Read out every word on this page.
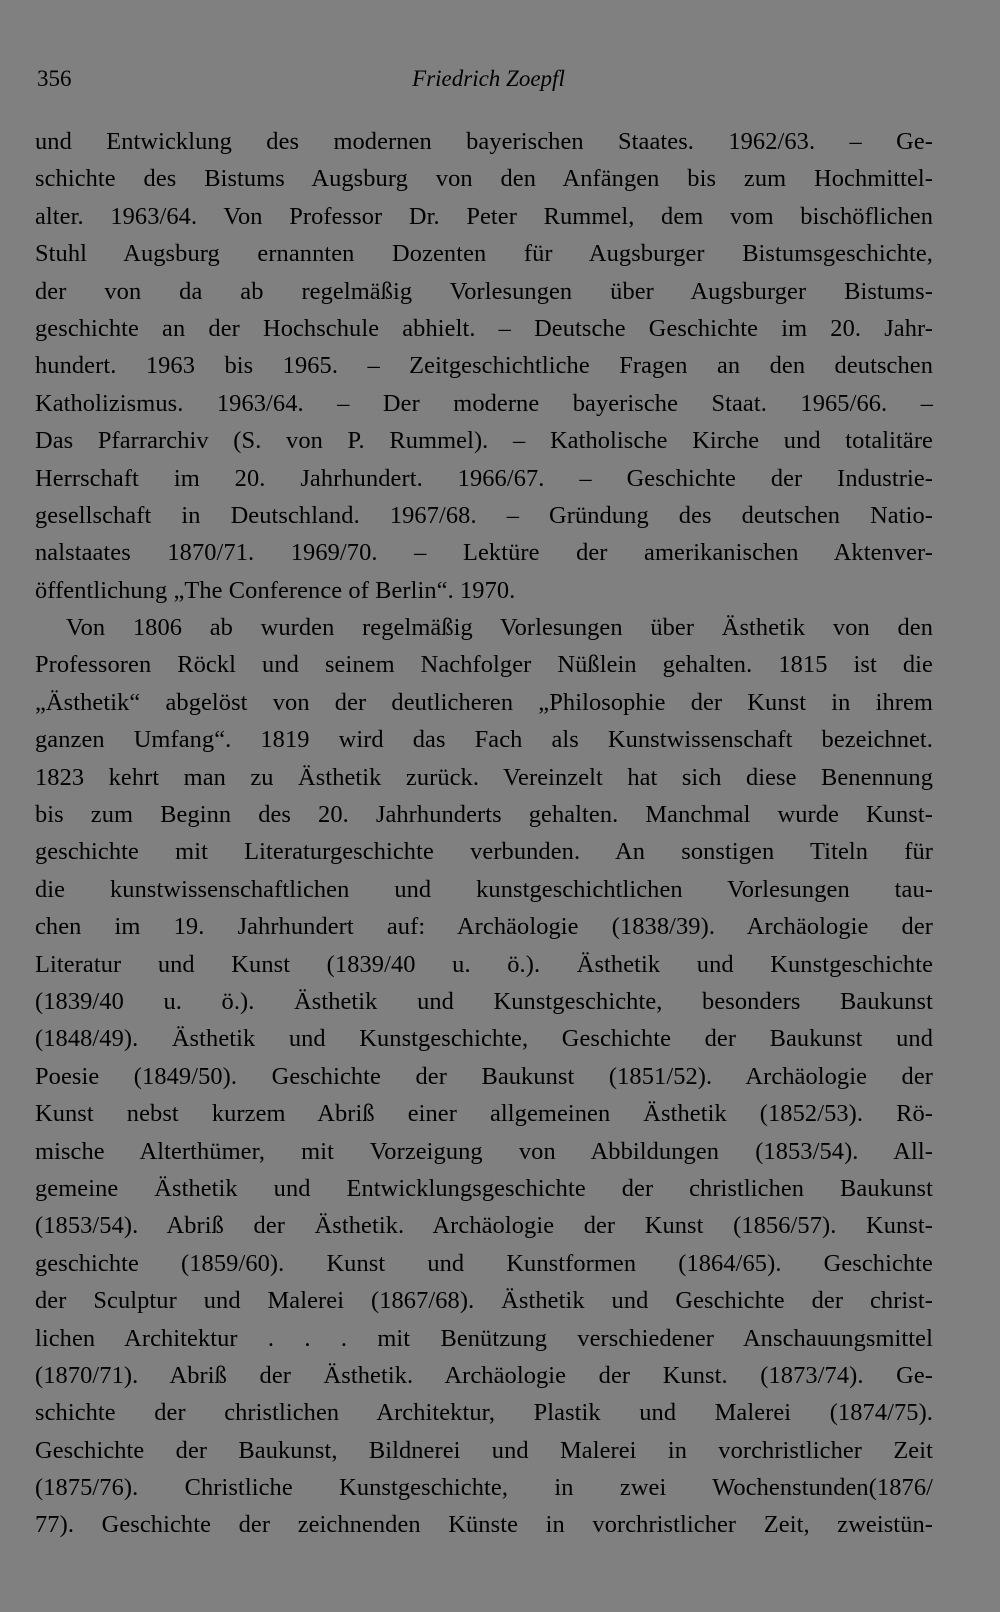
356	Friedrich Zoepfl
und Entwicklung des modernen bayerischen Staates. 1962/63. – Ge-
schichte des Bistums Augsburg von den Anfängen bis zum Hochmittel-
alter. 1963/64. Von Professor Dr. Peter Rummel, dem vom bischöflichen
Stuhl Augsburg ernannten Dozenten für Augsburger Bistumsgeschichte,
der von da ab regelmäßig Vorlesungen über Augsburger Bistums-
geschichte an der Hochschule abhielt. – Deutsche Geschichte im 20. Jahr-
hundert. 1963 bis 1965. – Zeitgeschichtliche Fragen an den deutschen
Katholizismus. 1963/64. – Der moderne bayerische Staat. 1965/66. –
Das Pfarrarchiv (S. von P. Rummel). – Katholische Kirche und totalitäre
Herrschaft im 20. Jahrhundert. 1966/67. – Geschichte der Industrie-
gesellschaft in Deutschland. 1967/68. – Gründung des deutschen Natio-
nalstaates 1870/71. 1969/70. – Lektüre der amerikanischen Aktenver-
öffentlichung „The Conference of Berlin“. 1970.
Von 1806 ab wurden regelmäßig Vorlesungen über Ästhetik von den
Professoren Röckl und seinem Nachfolger Nüßlein gehalten. 1815 ist die
„Ästhetik“ abgelöst von der deutlicheren „Philosophie der Kunst in ihrem
ganzen Umfang“. 1819 wird das Fach als Kunstwissenschaft bezeichnet.
1823 kehrt man zu Ästhetik zurück. Vereinzelt hat sich diese Benennung
bis zum Beginn des 20. Jahrhunderts gehalten. Manchmal wurde Kunst-
geschichte mit Literaturgeschichte verbunden. An sonstigen Titeln für
die kunstwissenschaftlichen und kunstgeschichtlichen Vorlesungen tau-
chen im 19. Jahrhundert auf: Archäologie (1838/39). Archäologie der
Literatur und Kunst (1839/40 u. ö.). Ästhetik und Kunstgeschichte
(1839/40 u. ö.). Ästhetik und Kunstgeschichte, besonders Baukunst
(1848/49). Ästhetik und Kunstgeschichte, Geschichte der Baukunst und
Poesie (1849/50). Geschichte der Baukunst (1851/52). Archäologie der
Kunst nebst kurzem Abriß einer allgemeinen Ästhetik (1852/53). Rö-
mische Alterthümer, mit Vorzeigung von Abbildungen (1853/54). All-
gemeine Ästhetik und Entwicklungsgeschichte der christlichen Baukunst
(1853/54). Abriß der Ästhetik. Archäologie der Kunst (1856/57). Kunst-
geschichte (1859/60). Kunst und Kunstformen (1864/65). Geschichte
der Sculptur und Malerei (1867/68). Ästhetik und Geschichte der christ-
lichen Architektur . . . mit Benützung verschiedener Anschauungsmittel
(1870/71). Abriß der Ästhetik. Archäologie der Kunst. (1873/74). Ge-
schichte der christlichen Architektur, Plastik und Malerei (1874/75).
Geschichte der Baukunst, Bildnerei und Malerei in vorchristlicher Zeit
(1875/76). Christliche Kunstgeschichte, in zwei Wochenstunden(1876/
77). Geschichte der zeichnenden Künste in vorchristlicher Zeit, zweistün-
